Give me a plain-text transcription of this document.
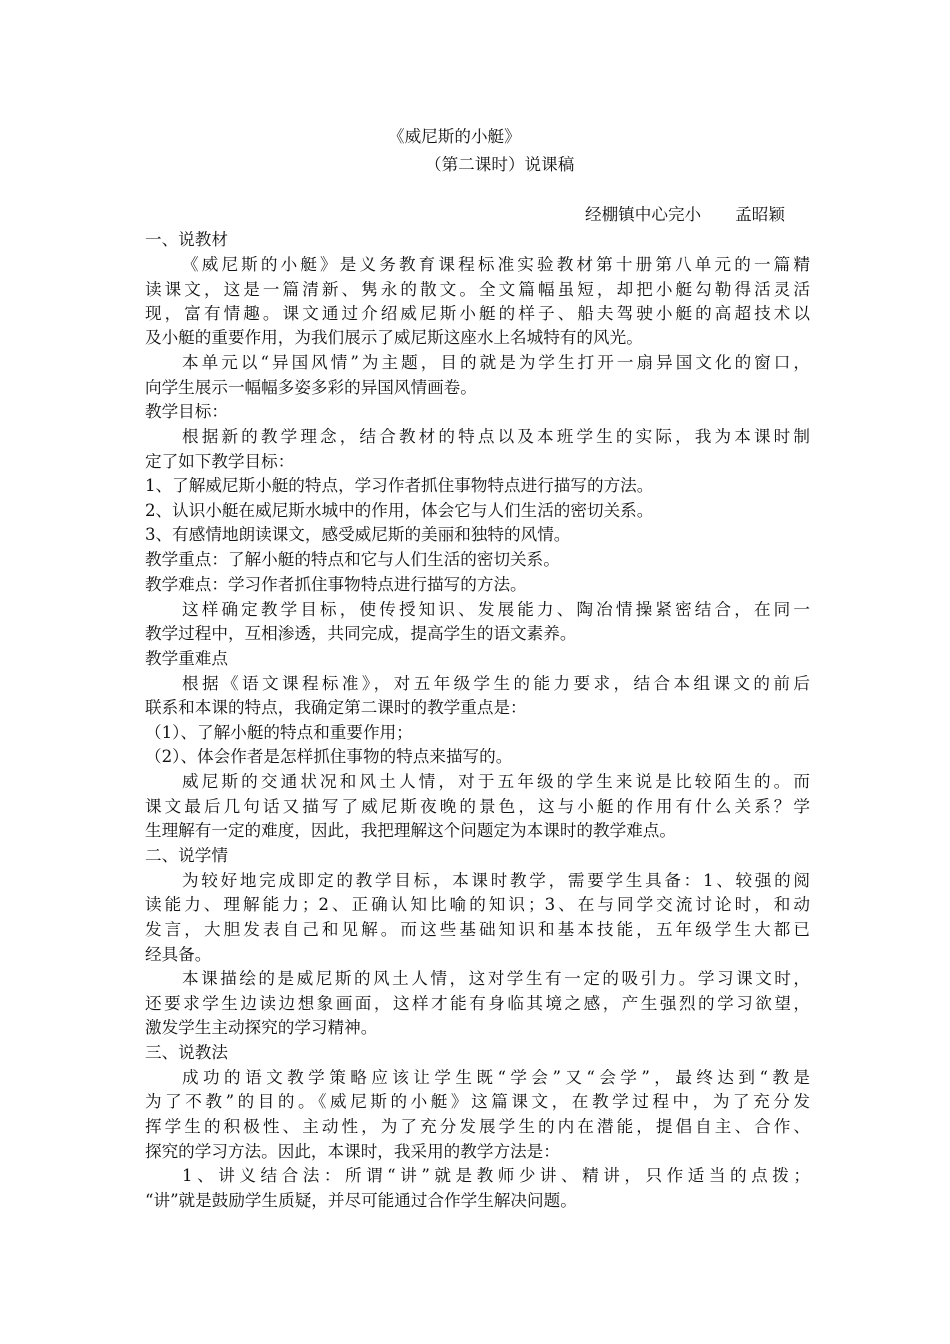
《威尼斯的小艇》
（第二课时）说课稿
经棚镇中心完小 孟昭颖
一、说教材
《威尼斯的小艇》是义务教育课程标准实验教材第十册第八单元的一篇精
读课文，这是一篇清新、隽永的散文。全文篇幅虽短，却把小艇勾勒得活灵活
现，富有情趣。课文通过介绍威尼斯小艇的样子、船夫驾驶小艇的高超技术以
及小艇的重要作用，为我们展示了威尼斯这座水上名城特有的风光。
本单元以“异国风情”为主题，目的就是为学生打开一扇异国文化的窗口，
向学生展示一幅幅多姿多彩的异国风情画卷。
教学目标：
根据新的教学理念，结合教材的特点以及本班学生的实际，我为本课时制
定了如下教学目标：
1、了解威尼斯小艇的特点，学习作者抓住事物特点进行描写的方法。
2、认识小艇在威尼斯水城中的作用，体会它与人们生活的密切关系。
3、有感情地朗读课文，感受威尼斯的美丽和独特的风情。
教学重点：了解小艇的特点和它与人们生活的密切关系。
教学难点：学习作者抓住事物特点进行描写的方法。
这样确定教学目标，使传授知识、发展能力、陶冶情操紧密结合，在同一
教学过程中，互相渗透，共同完成，提高学生的语文素养。
教学重难点
根据《语文课程标准》，对五年级学生的能力要求，结合本组课文的前后
联系和本课的特点，我确定第二课时的教学重点是：
（1）、了解小艇的特点和重要作用；
（2）、体会作者是怎样抓住事物的特点来描写的。
威尼斯的交通状况和风土人情，对于五年级的学生来说是比较陌生的。而
课文最后几句话又描写了威尼斯夜晚的景色，这与小艇的作用有什么关系？学
生理解有一定的难度，因此，我把理解这个问题定为本课时的教学难点。
二、说学情
为较好地完成即定的教学目标，本课时教学，需要学生具备：1、较强的阅
读能力、理解能力；2、正确认知比喻的知识；3、在与同学交流讨论时，和动
发言，大胆发表自己和见解。而这些基础知识和基本技能，五年级学生大都已
经具备。
本课描绘的是威尼斯的风土人情，这对学生有一定的吸引力。学习课文时，
还要求学生边读边想象画面，这样才能有身临其境之感，产生强烈的学习欲望，
激发学生主动探究的学习精神。
三、说教法
成功的语文教学策略应该让学生既“学会”又“会学”，最终达到“教是
为了不教”的目的。《威尼斯的小艇》这篇课文，在教学过程中，为了充分发
挥学生的积极性、主动性，为了充分发展学生的内在潜能，提倡自主、合作、
探究的学习方法。因此，本课时，我采用的教学方法是：
1、讲义结合法：所谓“讲”就是教师少讲、精讲，只作适当的点拨；
“讲”就是鼓励学生质疑，并尽可能通过合作学生解决问题。
